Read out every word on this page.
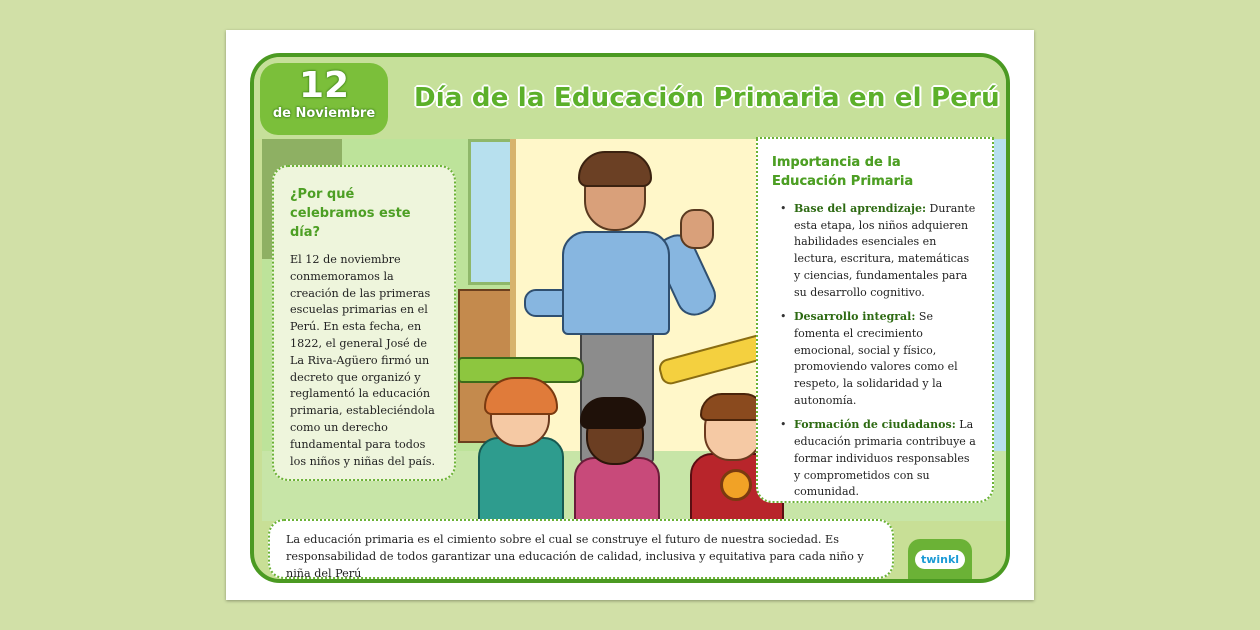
12
de Noviembre
Día de la Educación Primaria en el Perú
¿Por qué celebramos este día?

El 12 de noviembre conmemoramos la creación de las primeras escuelas primarias en el Perú. En esta fecha, en 1822, el general José de La Riva-Agüero firmó un decreto que organizó y reglamentó la educación primaria, estableciéndola como un derecho fundamental para todos los niños y niñas del país.

Importancia de la Educación Primaria
• Base del aprendizaje: Durante esta etapa, los niños adquieren habilidades esenciales en lectura, escritura, matemáticas y ciencias, fundamentales para su desarrollo cognitivo.
• Desarrollo integral: Se fomenta el crecimiento emocional, social y físico, promoviendo valores como el respeto, la solidaridad y la autonomía.
• Formación de ciudadanos: La educación primaria contribuye a formar individuos responsables y comprometidos con su comunidad.
La educación primaria es el cimiento sobre el cual se construye el futuro de nuestra sociedad. Es responsabilidad de todos garantizar una educación de calidad, inclusiva y equitativa para cada niño y niña del Perú
twinkl
